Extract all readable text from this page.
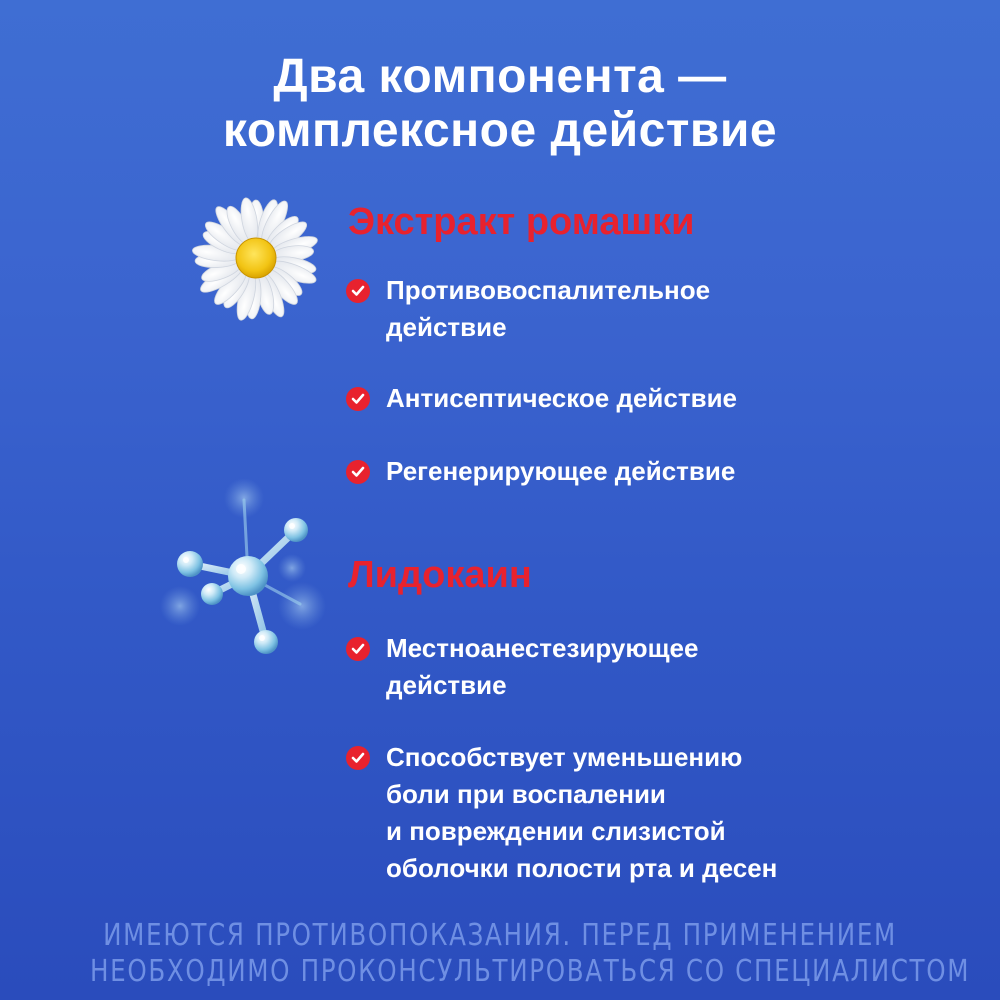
Два компонента —
комплексное действие
Экстракт ромашки
Противовоспалительное
действие
Антисептическое действие
Регенерирующее действие
Лидокаин
Местноанестезирующее
действие
Способствует уменьшению
боли при воспалении
и повреждении слизистой
оболочки полости рта и десен
ИМЕЮТСЯ ПРОТИВОПОКАЗАНИЯ. ПЕРЕД ПРИМЕНЕНИЕМ
НЕОБХОДИМО ПРОКОНСУЛЬТИРОВАТЬСЯ СО СПЕЦИАЛИСТОМ
